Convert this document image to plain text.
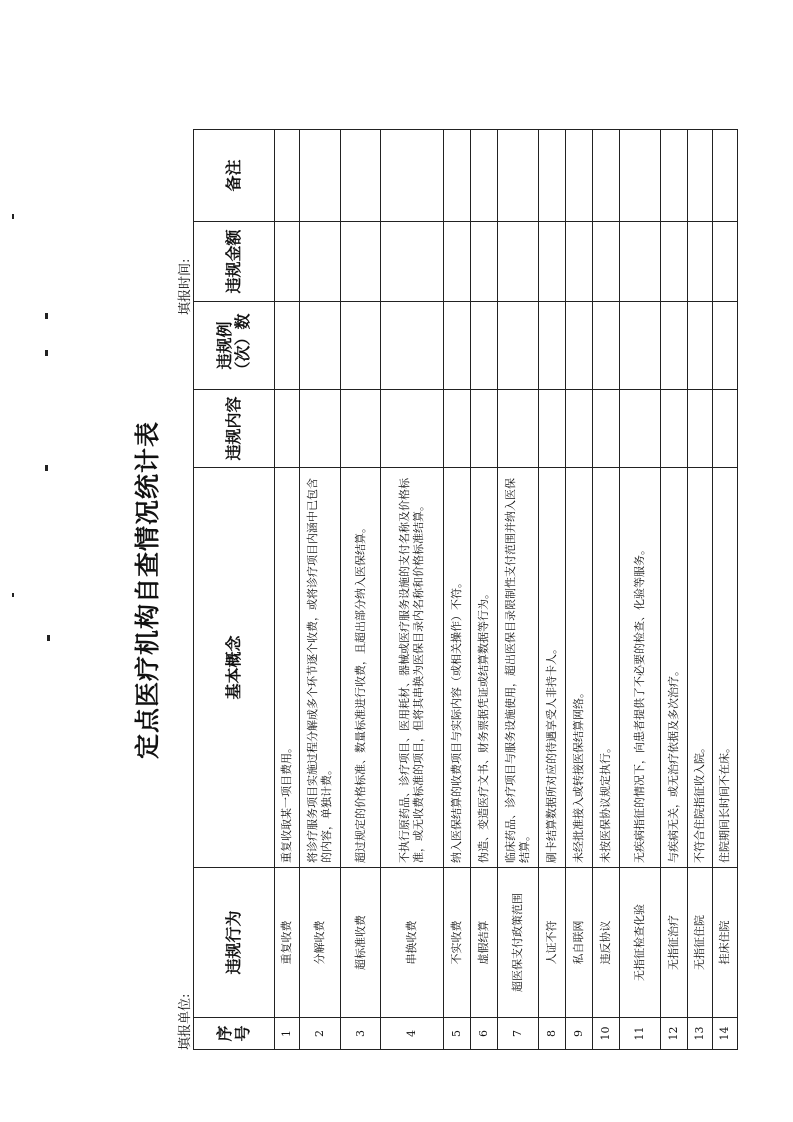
定点医疗机构自查情况统计表
填报单位:
填报时间:
序号	违规行为	基本概念	违规内容	违规例（次）数	违规金额	备注
1	重复收费	重复收取某一项目费用。				
2	分解收费	将诊疗服务项目实施过程分解成多个环节逐个收费，或将诊疗项目内涵中已包含的内容，单独计费。				
3	超标准收费	超过规定的价格标准、数量标准进行收费，且超出部分纳入医保结算。				
4	串换收费	不执行原药品、诊疗项目、医用耗材、器械或医疗服务设施的支付名称及价格标准，或无收费标准的项目，但将其串换为医保目录内名称和价格标准结算。				
5	不实收费	纳入医保结算的收费项目与实际内容（或相关操作）不符。				
6	虚假结算	伪造、变造医疗文书、财务票据凭证或结算数据等行为。				
7	超医保支付政策范围	临床药品、诊疗项目与服务设施使用，超出医保目录限制性支付范围并纳入医保结算。				
8	人证不符	刷卡结算数据所对应的待遇享受人非持卡人。				
9	私自联网	未经批准接入或转接医保结算网络。				
10	违反协议	未按医保协议规定执行。				
11	无指征检查化验	无疾病指征的情况下，向患者提供了不必要的检查、化验等服务。				
12	无指征治疗	与疾病无关，或无治疗依据及多次治疗。				
13	无指征住院	不符合住院指征收入院。				
14	挂床住院	住院期间长时间不在床。				
